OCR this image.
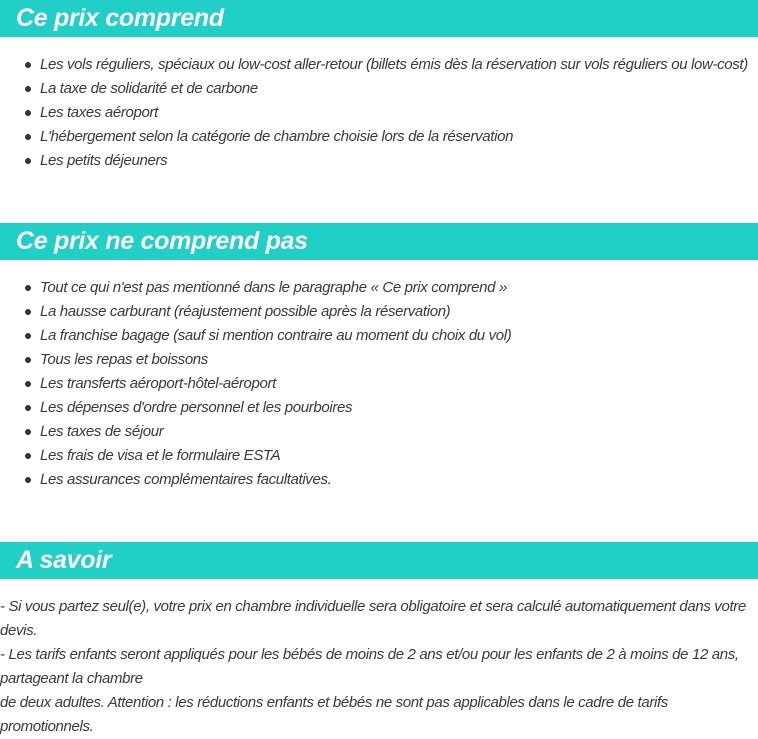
Ce prix comprend
Les vols réguliers, spéciaux ou low-cost aller-retour (billets émis dès la réservation sur vols réguliers ou low-cost)
La taxe de solidarité et de carbone
Les taxes aéroport
L'hébergement selon la catégorie de chambre choisie lors de la réservation
Les petits déjeuners
Ce prix ne comprend pas
Tout ce qui n'est pas mentionné dans le paragraphe « Ce prix comprend »
La hausse carburant (réajustement possible après la réservation)
La franchise bagage (sauf si mention contraire au moment du choix du vol)
Tous les repas et boissons
Les transferts aéroport-hôtel-aéroport
Les dépenses d'ordre personnel et les pourboires
Les taxes de séjour
Les frais de visa et le formulaire ESTA
Les assurances complémentaires facultatives.
A savoir

- Si vous partez seul(e), votre prix en chambre individuelle sera obligatoire et sera calculé automatiquement dans votre devis.

- Les tarifs enfants seront appliqués pour les bébés de moins de 2 ans et/ou pour les enfants de 2 à moins de 12 ans, partageant la chambre

de deux adultes. Attention : les réductions enfants et bébés ne sont pas applicables dans le cadre de tarifs promotionnels.
